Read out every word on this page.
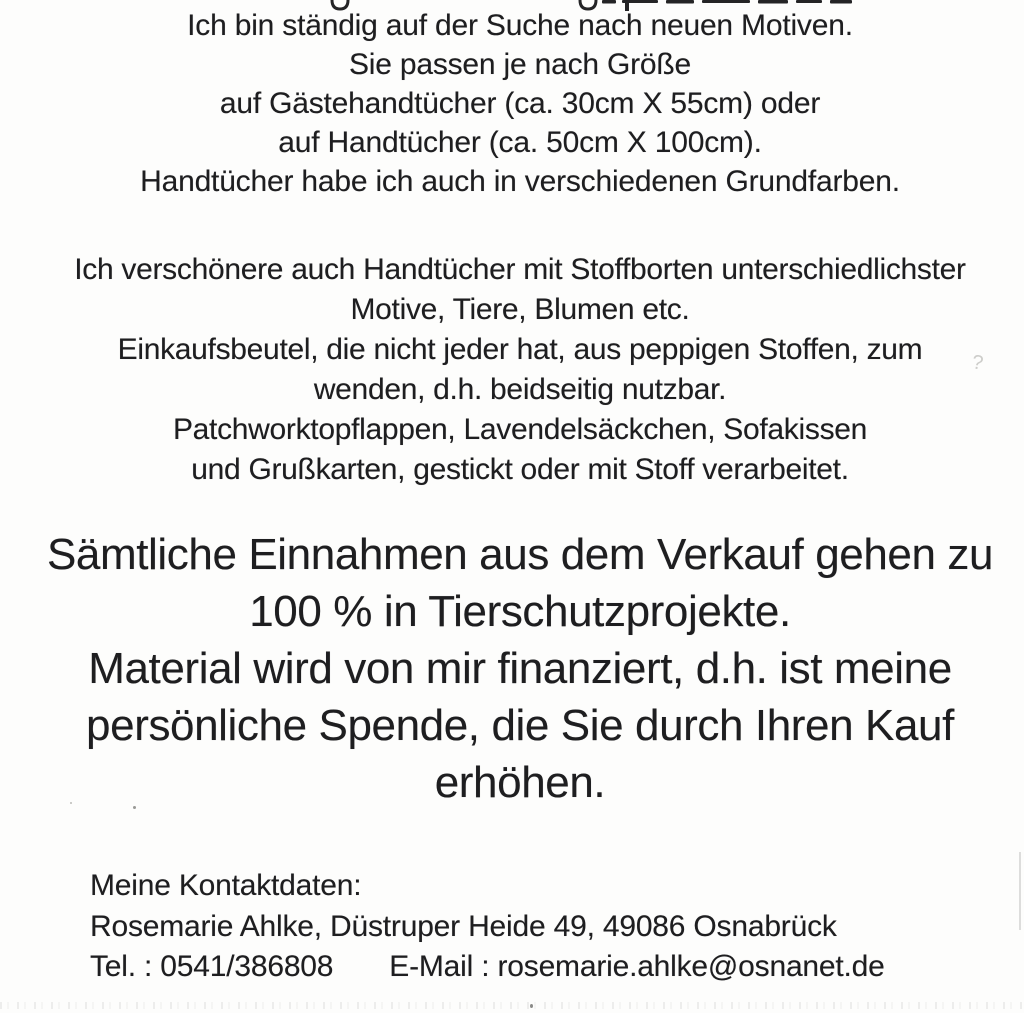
Ich bin ständig auf der Suche nach neuen Motiven.
Sie passen je nach Größe
auf Gästehandtücher (ca. 30cm X 55cm) oder
auf Handtücher (ca. 50cm X 100cm).
Handtücher habe ich auch in verschiedenen Grundfarben.
Ich verschönere auch Handtücher mit Stoffborten unterschiedlichster
Motive, Tiere, Blumen etc.
Einkaufsbeutel, die nicht jeder hat, aus peppigen Stoffen, zum
wenden, d.h. beidseitig nutzbar.
Patchworktopflappen, Lavendelsäckchen, Sofakissen
und Grußkarten, gestickt oder mit Stoff verarbeitet.
Sämtliche Einnahmen aus dem Verkauf gehen zu
100 % in Tierschutzprojekte.
Material wird von mir finanziert, d.h. ist meine
persönliche Spende, die Sie durch Ihren Kauf
erhöhen.
Meine Kontaktdaten:
Rosemarie Ahlke, Düstruper Heide 49, 49086 Osnabrück
Tel. : 0541/386808 E-Mail : rosemarie.ahlke@osnanet.de
?
